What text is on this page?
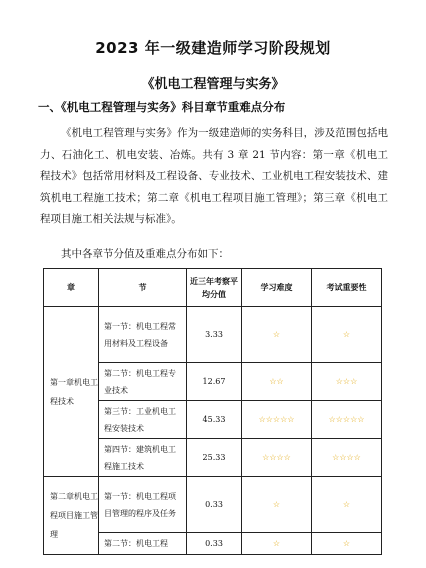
2023 年一级建造师学习阶段规划
《机电工程管理与实务》
一、《机电工程管理与实务》科目章节重难点分布

《机电工程管理与实务》作为一级建造师的实务科目，涉及范围包括电力、石油化工、机电安装、冶炼。共有 3 章 21 节内容：第一章《机电工程技术》包括常用材料及工程设备、专业技术、工业机电工程安装技术、建筑机电工程施工技术；第二章《机电工程项目施工管理》；第三章《机电工程项目施工相关法规与标准》。

其中各章节分值及重难点分布如下：

章	节	近三年考察平均分值	学习难度	考试重要性
第一章机电工程技术	第一节：机电工程常用材料及工程设备	3.33	☆	☆
	第二节：机电工程专业技术	12.67	☆☆	☆☆☆
	第三节：工业机电工程安装技术	45.33	☆☆☆☆☆	☆☆☆☆☆
	第四节：建筑机电工程施工技术	25.33	☆☆☆☆	☆☆☆☆
第二章机电工程项目施工管理	第一节：机电工程项目管理的程序及任务	0.33	☆	☆
	第二节：机电工程	0.33	☆	☆
